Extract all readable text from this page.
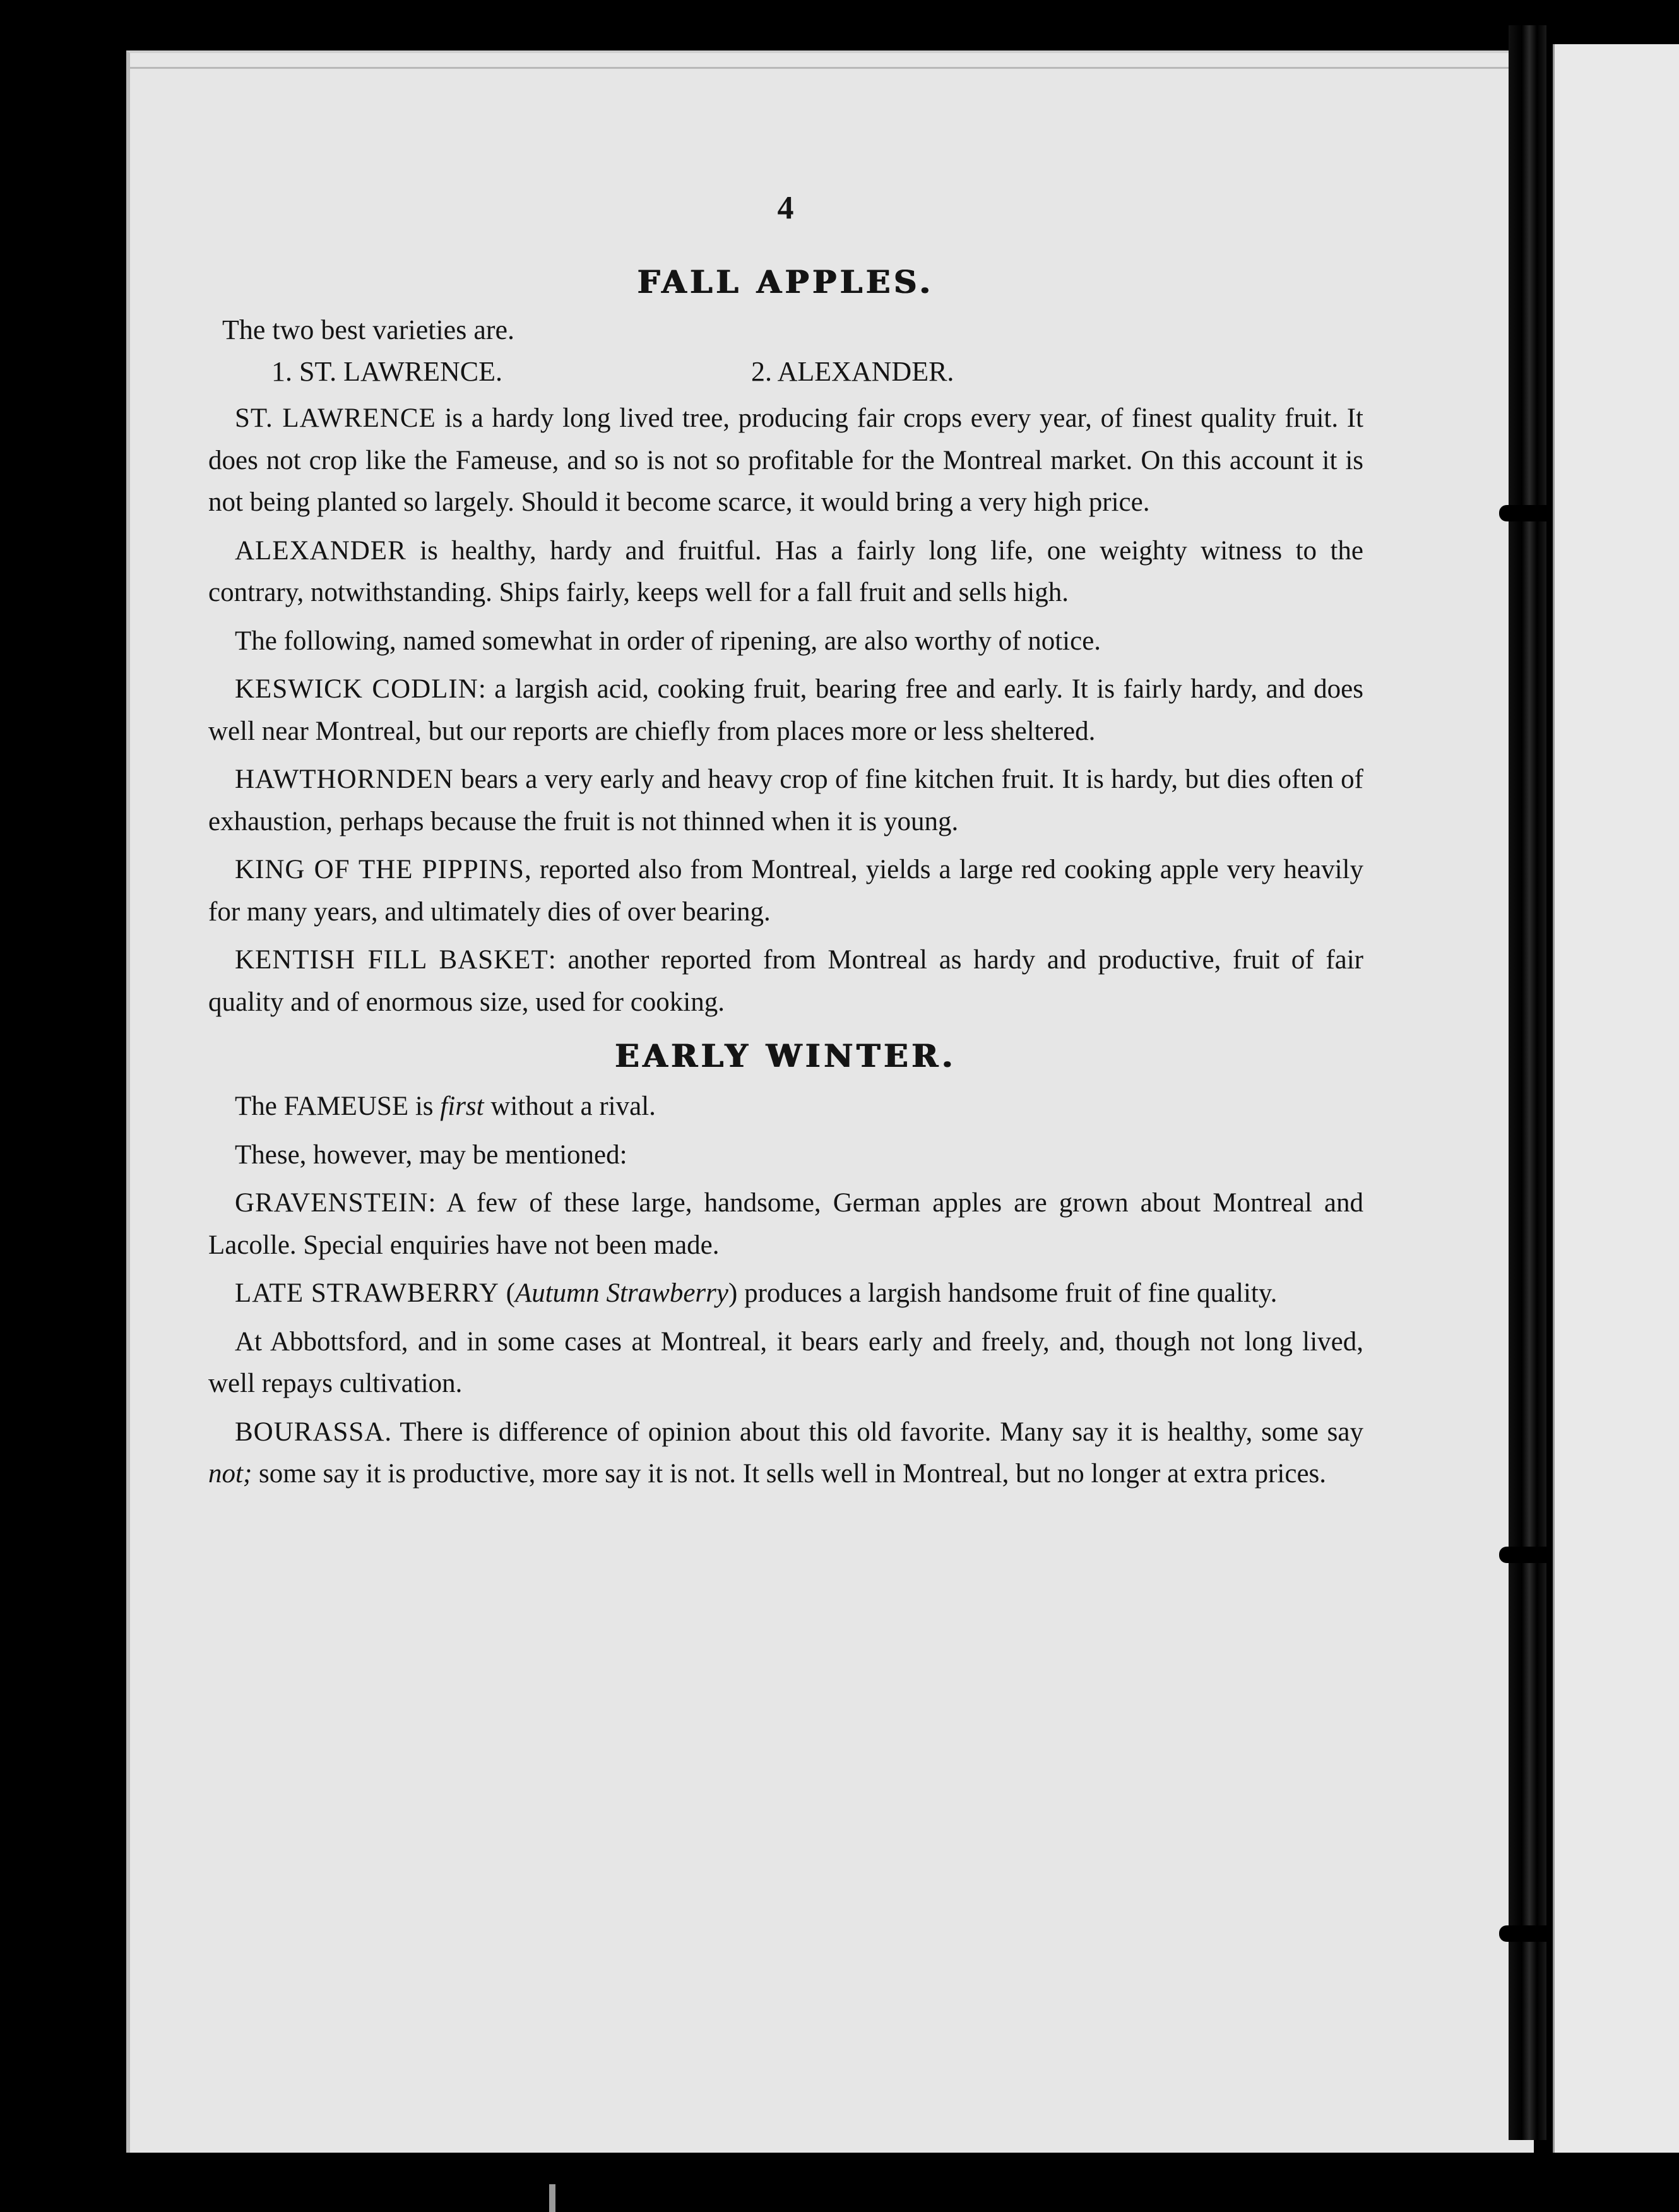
4
FALL APPLES.
The two best varieties are.
1. ST. LAWRENCE.	2. ALEXANDER.

ST. LAWRENCE is a hardy long lived tree, producing fair crops every year, of finest quality fruit. It does not crop like the Fameuse, and so is not so profitable for the Montreal market. On this account it is not being planted so largely. Should it become scarce, it would bring a very high price.

ALEXANDER is healthy, hardy and fruitful. Has a fairly long life, one weighty witness to the contrary, notwithstanding. Ships fairly, keeps well for a fall fruit and sells high.

The following, named somewhat in order of ripening, are also worthy of notice.

KESWICK CODLIN: a largish acid, cooking fruit, bearing free and early. It is fairly hardy, and does well near Montreal, but our reports are chiefly from places more or less sheltered.

HAWTHORNDEN bears a very early and heavy crop of fine kitchen fruit. It is hardy, but dies often of exhaustion, perhaps because the fruit is not thinned when it is young.

KING OF THE PIPPINS, reported also from Montreal, yields a large red cooking apple very heavily for many years, and ultimately dies of over bearing.

KENTISH FILL BASKET: another reported from Montreal as hardy and productive, fruit of fair quality and of enormous size, used for cooking.

EARLY WINTER.

The FAMEUSE is first without a rival.

These, however, may be mentioned:

GRAVENSTEIN: A few of these large, handsome, German apples are grown about Montreal and Lacolle. Special enquiries have not been made.

LATE STRAWBERRY (Autumn Strawberry) produces a largish handsome fruit of fine quality.

At Abbottsford, and in some cases at Montreal, it bears early and freely, and, though not long lived, well repays cultivation.

BOURASSA. There is difference of opinion about this old favorite. Many say it is healthy, some say not; some say it is productive, more say it is not. It sells well in Montreal, but no longer at extra prices.
